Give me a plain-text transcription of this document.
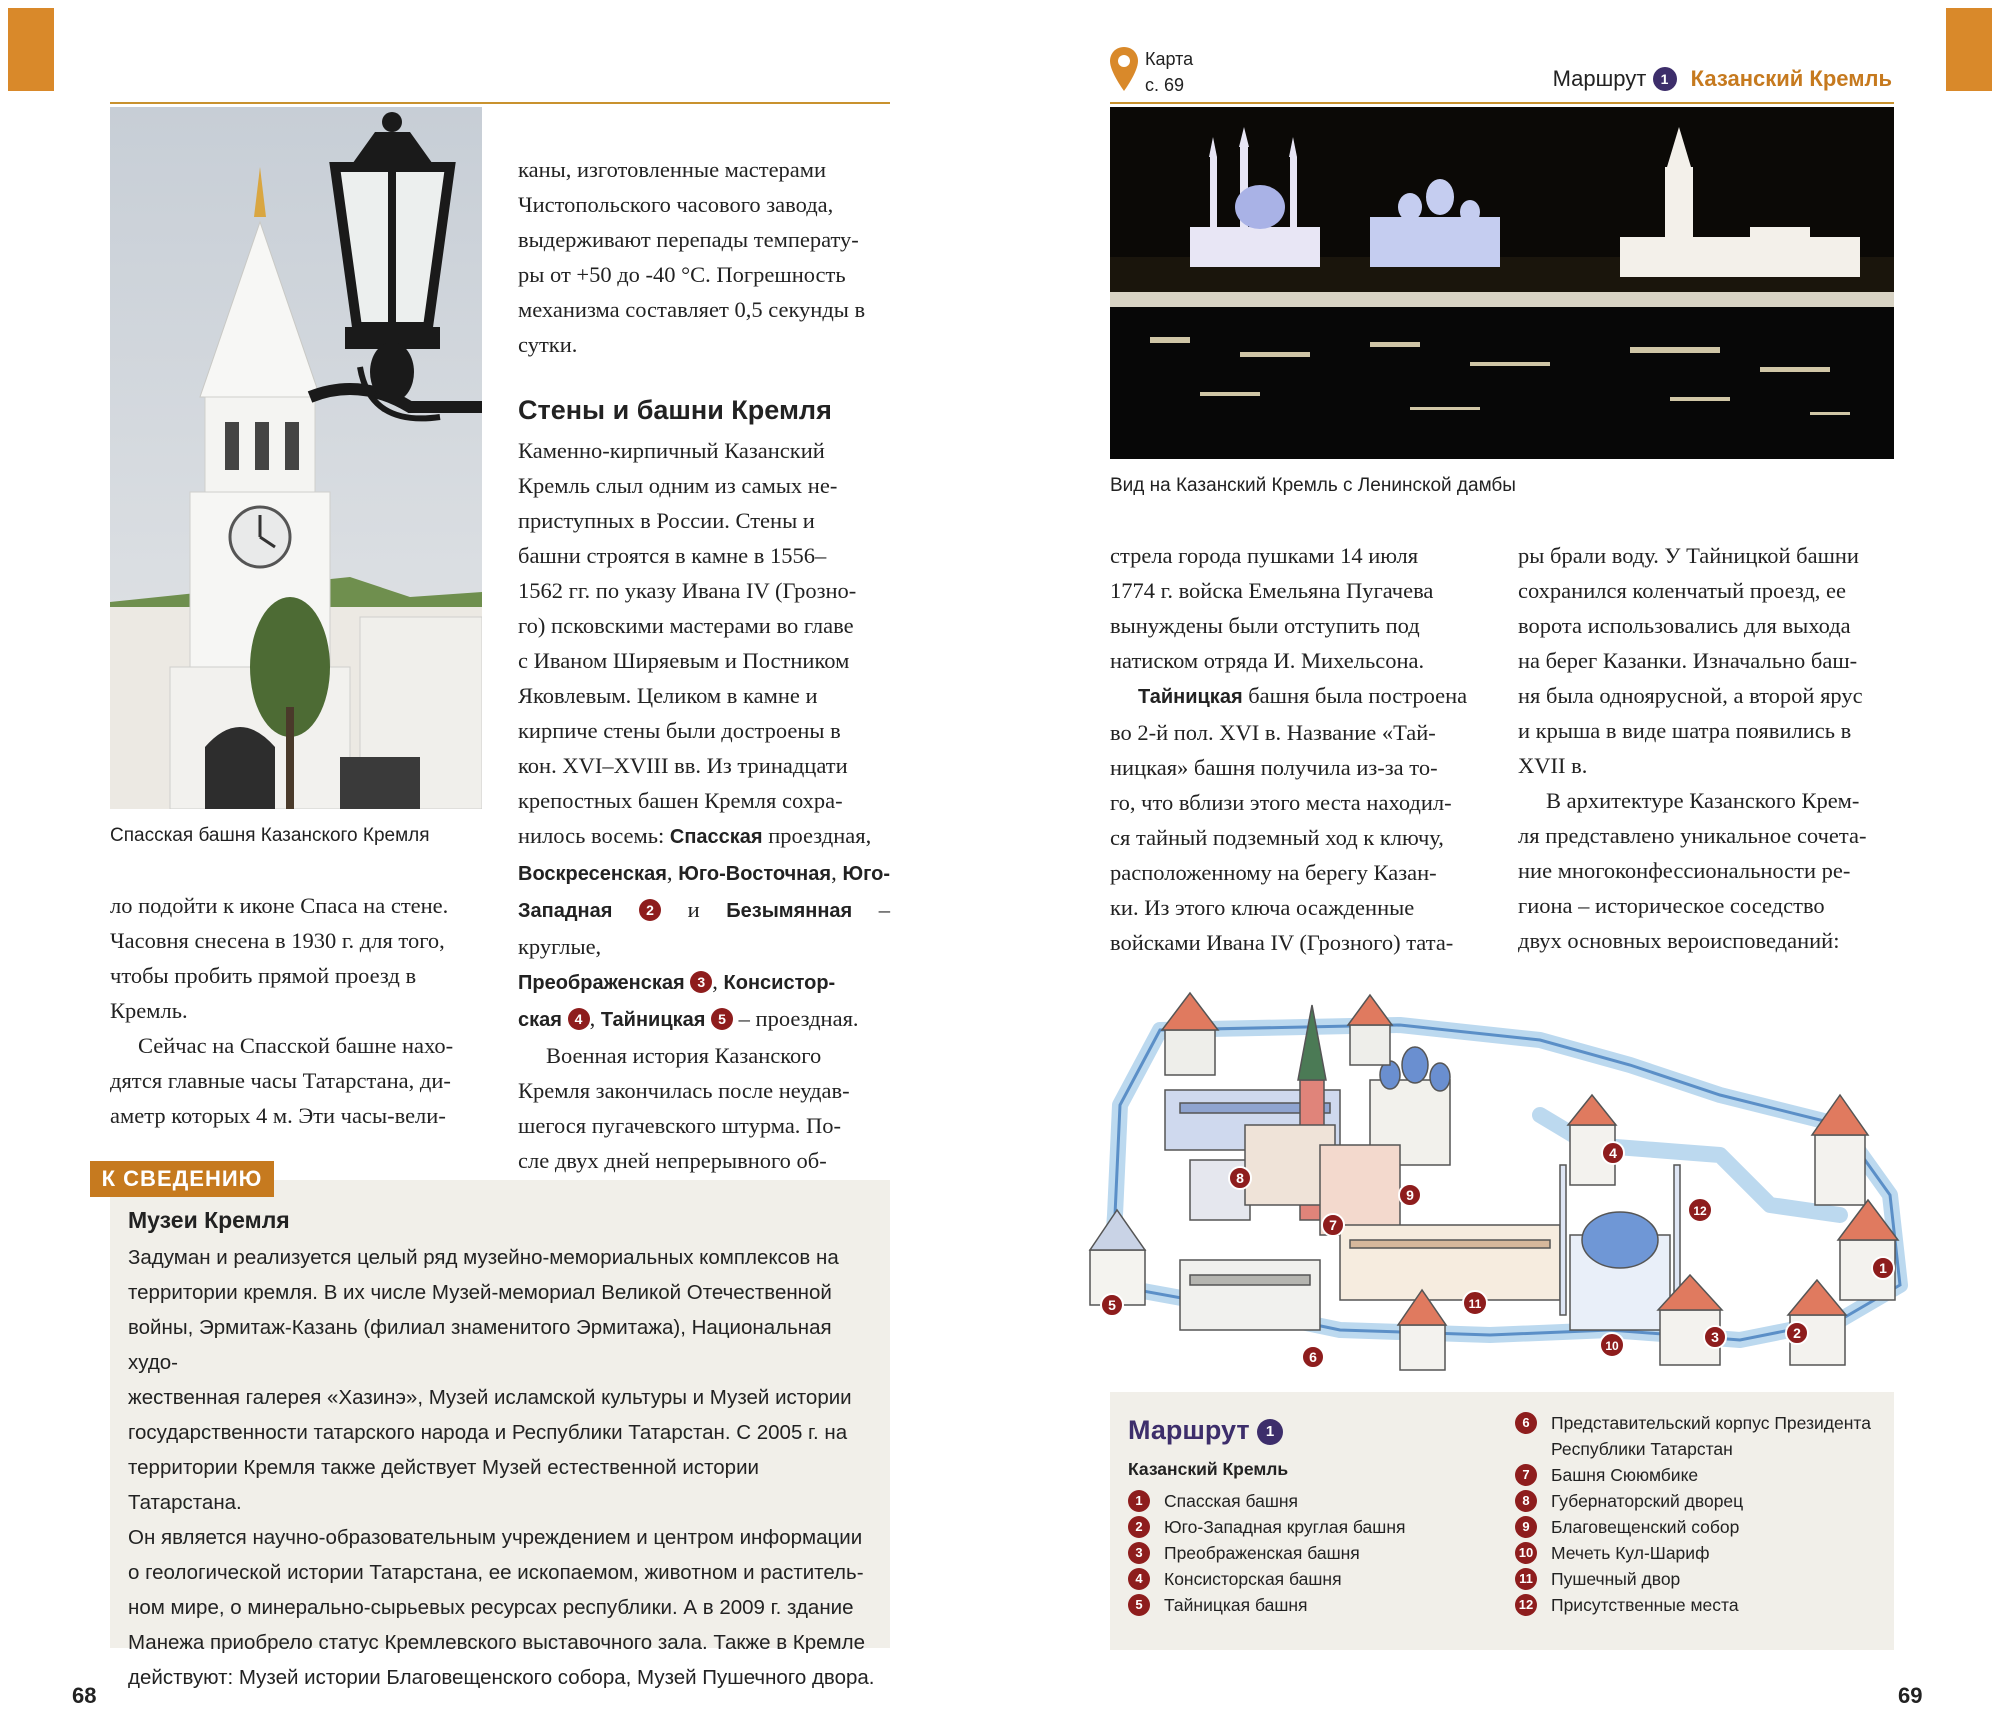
Спасская башня Казанского Кремля

ло подойти к иконе Спаса на стене.
Часовня снесена в 1930 г. для того,
чтобы пробить прямой проезд в
Кремль.

Сейчас на Спасской башне нахо-
дятся главные часы Татарстана, ди-
аметр которых 4 м. Эти часы-вели-

каны, изготовленные мастерами
Чистопольского часового завода,
выдерживают перепады температу-
ры от +50 до -40 °С. Погрешность
механизма составляет 0,5 секунды в
сутки.

Стены и башни Кремля

Каменно-кирпичный Казанский
Кремль слыл одним из самых не-
приступных в России. Стены и
башни строятся в камне в 1556–
1562 гг. по указу Ивана IV (Грозно-
го) псковскими мастерами во главе
с Иваном Ширяевым и Постником
Яковлевым. Целиком в камне и
кирпиче стены были достроены в
кон. XVI–XVIII вв. Из тринадцати
крепостных башен Кремля сохра-
нилось восемь: Спасская проездная,
Воскресенская, Юго-Восточная, Юго-Западная 2 и Безымянная – круглые,
Преображенская 3 , Консистор-
ская 4 , Тайницкая 5 – проездная.

Военная история Казанского
Кремля закончилась после неудав-
шегося пугачевского штурма. По-
сле двух дней непрерывного об-

К СВЕДЕНИЮ
Музеи Кремля
Задуман и реализуется целый ряд музейно-мемориальных комплексов на
территории кремля. В их числе Музей-мемориал Великой Отечественной
войны, Эрмитаж-Казань (филиал знаменитого Эрмитажа), Национальная худо-
жественная галерея «Хазинэ», Музей исламской культуры и Музей истории
государственности татарского народа и Республики Татарстан. С 2005 г. на
территории Кремля также действует Музей естественной истории Татарстана.
Он является научно-образовательным учреждением и центром информации
о геологической истории Татарстана, ее ископаемом, животном и раститель-
ном мире, о минерально-сырьевых ресурсах республики. А в 2009 г. здание
Манежа приобрело статус Кремлевского выставочного зала. Также в Кремле
действуют: Музей истории Благовещенского собора, Музей Пушечного двора.
68
Карта
с. 69	Маршрут 1 Казанский Кремль
Вид на Казанский Кремль с Ленинской дамбы

стрела города пушками 14 июля
1774 г. войска Емельяна Пугачева
вынуждены были отступить под
натиском отряда И. Михельсона.

Тайницкая башня была построена
во 2-й пол. XVI в. Название «Тай-
ницкая» башня получила из-за то-
го, что вблизи этого места находил-
ся тайный подземный ход к ключу,
расположенному на берегу Казан-
ки. Из этого ключа осажденные
войсками Ивана IV (Грозного) тата-

ры брали воду. У Тайницкой башни
сохранился коленчатый проезд, ее
ворота использовались для выхода
на берег Казанки. Изначально баш-
ня была одноярусной, а второй ярус
и крыша в виде шатра появились в
XVII в.

В архитектуре Казанского Крем-
ля представлено уникальное сочета-
ние многоконфессиональности ре-
гиона – историческое соседство
двух основных вероисповеданий:

1
2
3
4
5
6
7
8
9
10
11
12
Маршрут 1
Казанский Кремль
1	Спасская башня
2	Юго-Западная круглая башня
3	Преображенская башня
4	Консисторская башня
5	Тайницкая башня
6	Представительский корпус Президента Республики Татарстан
7	Башня Сююмбике
8	Губернаторский дворец
9	Благовещенский собор
10 Мечеть Кул-Шариф
11 Пушечный двор
12 Присутственные места
69
